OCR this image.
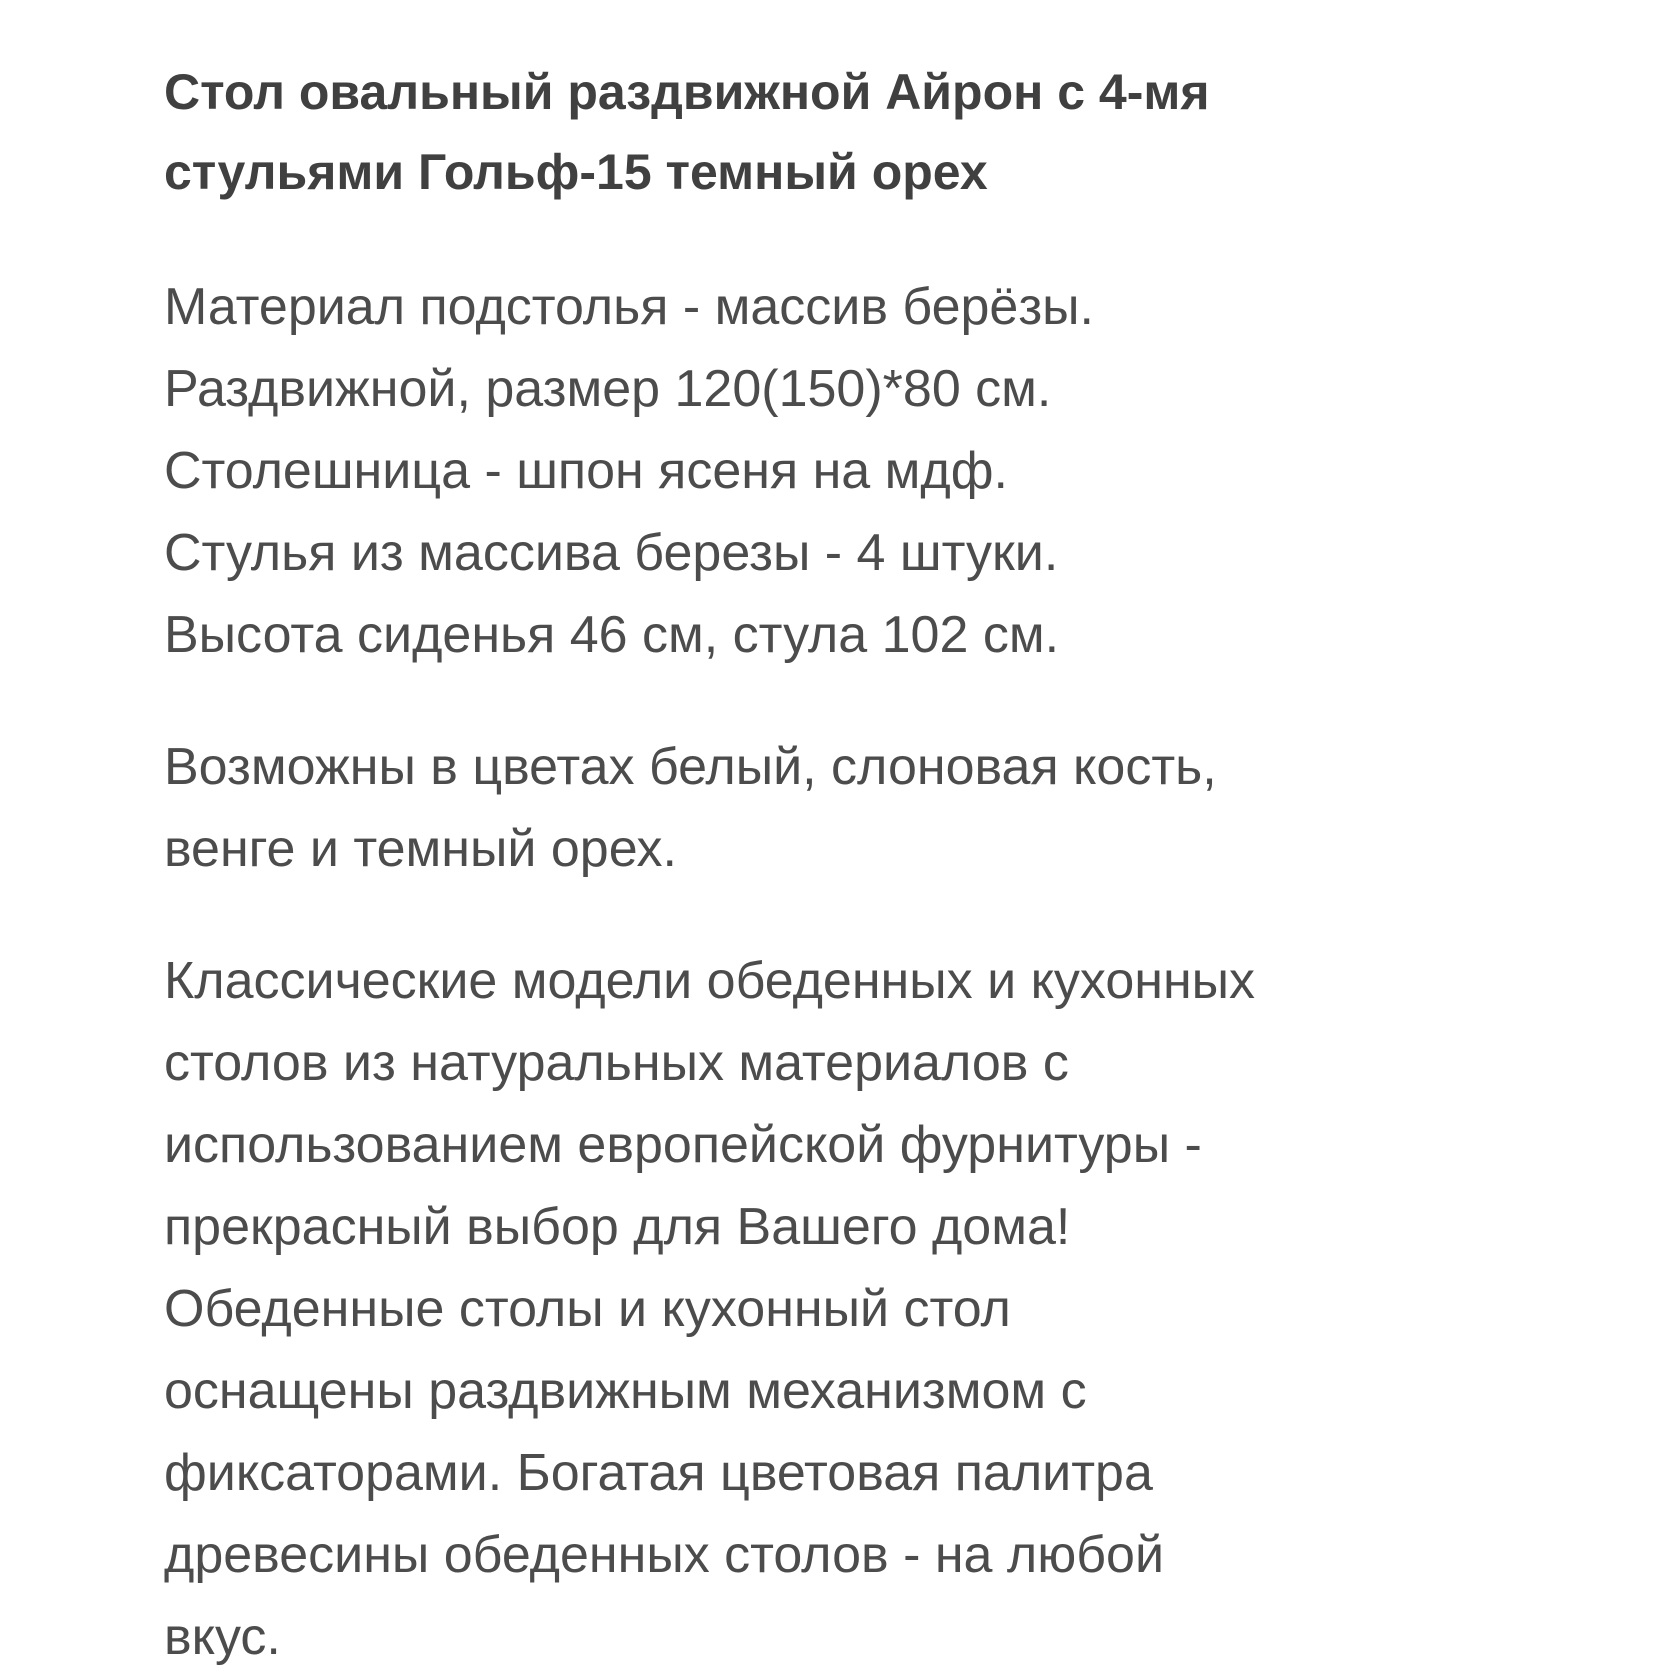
Стол овальный раздвижной Айрон с 4-мя
стульями Гольф-15 темный орех
Материал подстолья - массив берёзы.
Раздвижной, размер 120(150)*80 см.
Столешница - шпон ясеня на мдф.
Стулья из массива березы - 4 штуки.
Высота сиденья 46 см, стула 102 см.
Возможны в цветах белый, слоновая кость,
венге и темный орех.
Классические модели обеденных и кухонных
столов из натуральных материалов с
использованием европейской фурнитуры -
прекрасный выбор для Вашего дома!
Обеденные столы и кухонный стол
оснащены раздвижным механизмом с
фиксаторами. Богатая цветовая палитра
древесины обеденных столов - на любой
вкус.
